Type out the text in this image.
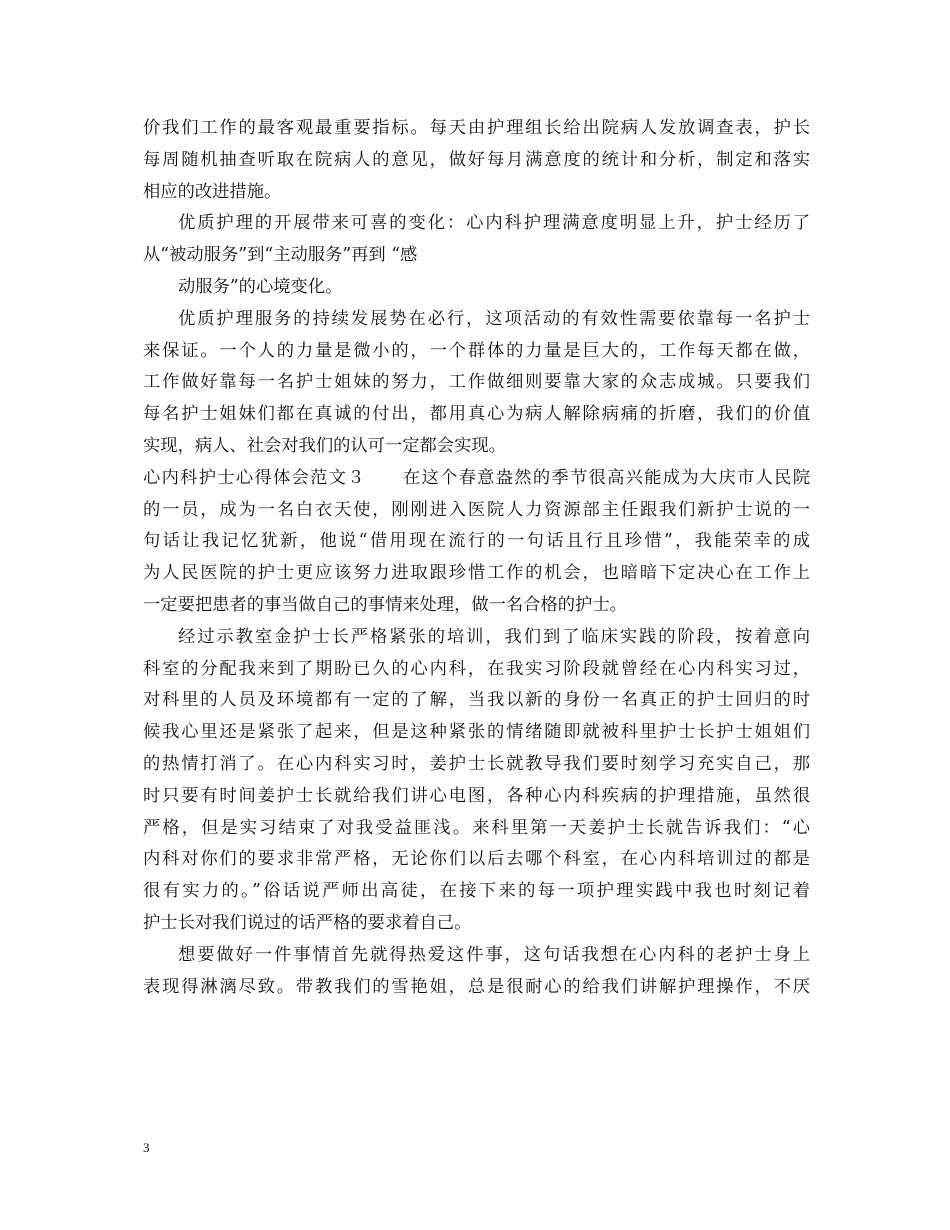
价我们工作的最客观最重要指标。每天由护理组长给出院病人发放调查表，护长
每周随机抽查听取在院病人的意见，做好每月满意度的统计和分析，制定和落实
相应的改进措施。
优质护理的开展带来可喜的变化：心内科护理满意度明显上升，护士经历了
从“被动服务”到“主动服务”再到 “感
动服务”的心境变化。
优质护理服务的持续发展势在必行，这项活动的有效性需要依靠每一名护士
来保证。一个人的力量是微小的，一个群体的力量是巨大的，工作每天都在做，
工作做好靠每一名护士姐妹的努力，工作做细则要靠大家的众志成城。只要我们
每名护士姐妹们都在真诚的付出，都用真心为病人解除病痛的折磨，我们的价值
实现，病人、社会对我们的认可一定都会实现。
心内科护士心得体会范文３　　在这个春意盎然的季节很高兴能成为大庆市人民院
的一员，成为一名白衣天使，刚刚进入医院人力资源部主任跟我们新护士说的一
句话让我记忆犹新，他说“借用现在流行的一句话且行且珍惜”，我能荣幸的成
为人民医院的护士更应该努力进取跟珍惜工作的机会，也暗暗下定决心在工作上
一定要把患者的事当做自己的事情来处理，做一名合格的护士。
经过示教室金护士长严格紧张的培训，我们到了临床实践的阶段，按着意向
科室的分配我来到了期盼已久的心内科，在我实习阶段就曾经在心内科实习过，
对科里的人员及环境都有一定的了解，当我以新的身份一名真正的护士回归的时
候我心里还是紧张了起来，但是这种紧张的情绪随即就被科里护士长护士姐姐们
的热情打消了。在心内科实习时，姜护士长就教导我们要时刻学习充实自己，那
时只要有时间姜护士长就给我们讲心电图，各种心内科疾病的护理措施，虽然很
严格，但是实习结束了对我受益匪浅。来科里第一天姜护士长就告诉我们：“心
内科对你们的要求非常严格，无论你们以后去哪个科室，在心内科培训过的都是
很有实力的。”俗话说严师出高徒，在接下来的每一项护理实践中我也时刻记着
护士长对我们说过的话严格的要求着自己。
想要做好一件事情首先就得热爱这件事，这句话我想在心内科的老护士身上
表现得淋漓尽致。带教我们的雪艳姐，总是很耐心的给我们讲解护理操作，不厌
3
